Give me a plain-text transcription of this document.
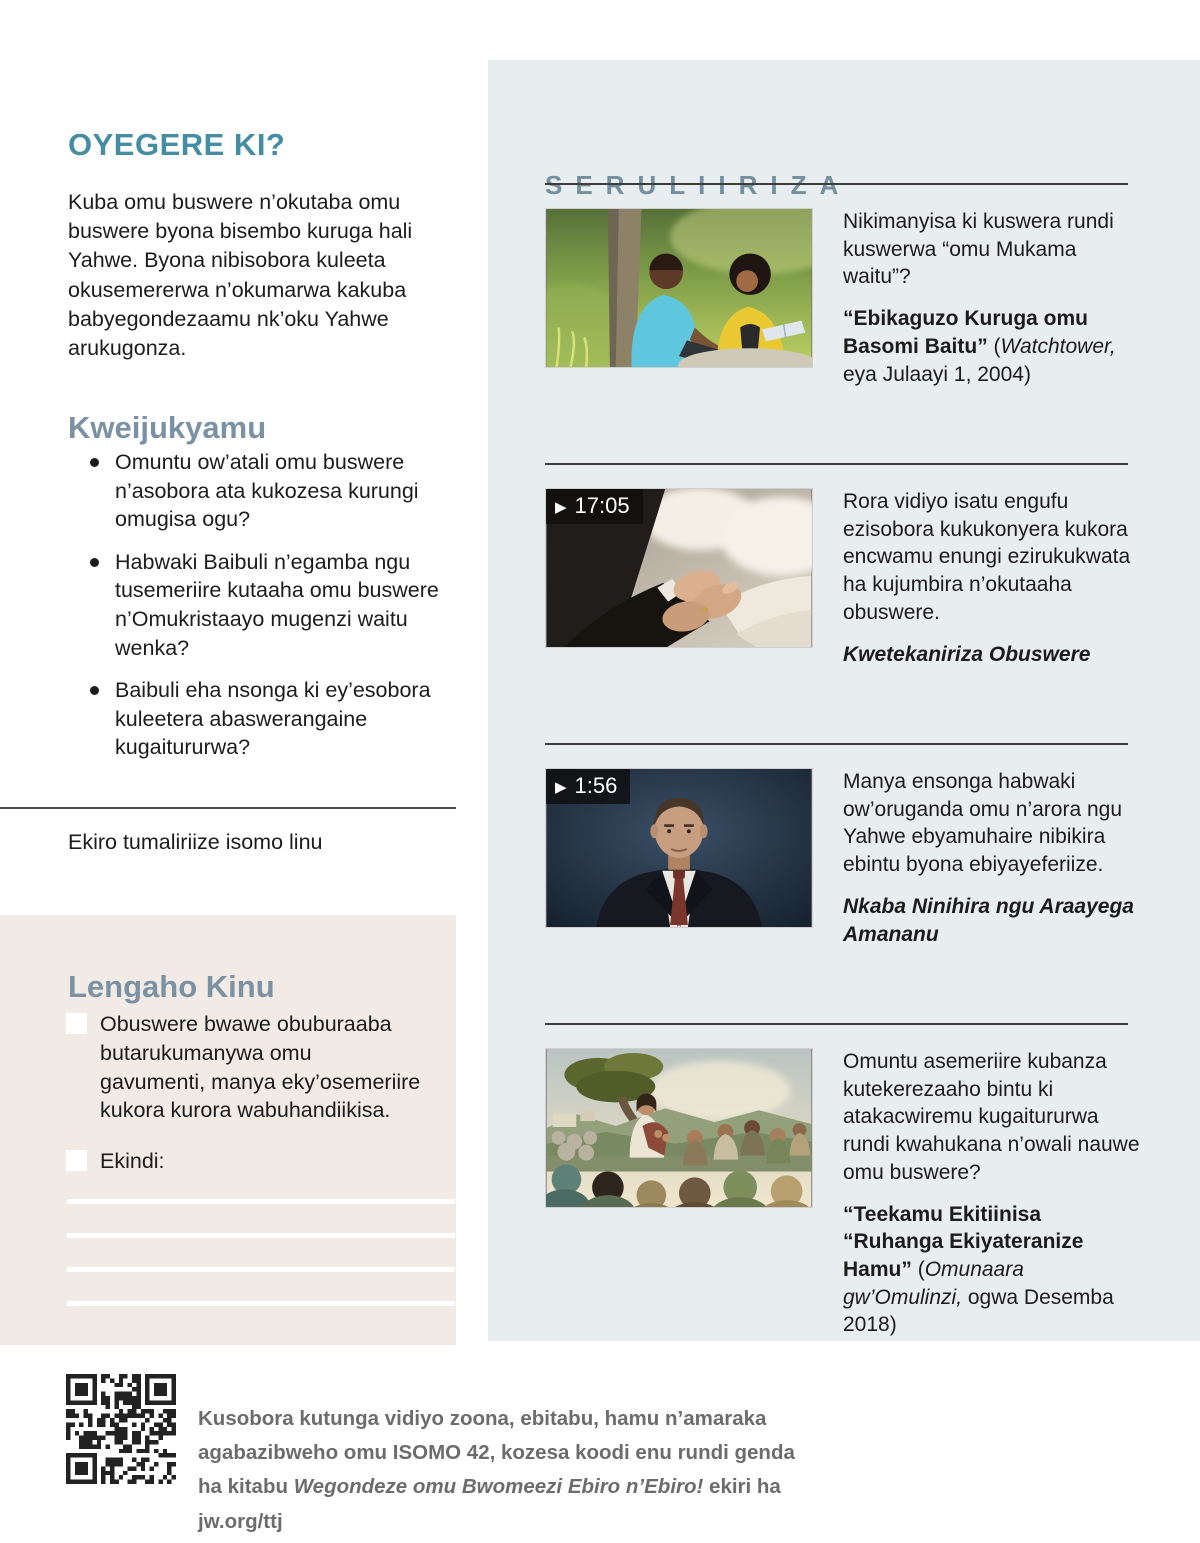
OYEGERE KI?

Kuba omu buswere n’okutaba omu buswere byona bisembo kuruga hali Yahwe. Byona nibisobora kuleeta okusemererwa n’okumarwa kakuba babyegondezaamu nk’oku Yahwe arukugonza.

Kweijukyamu
Omuntu ow’atali omu buswere n’asobora ata kukozesa kurungi omugisa ogu?
Habwaki Baibuli n’egamba ngu tusemeriire kutaaha omu buswere n’Omukristaayo mugenzi waitu wenka?
Baibuli eha nsonga ki ey’esobora kuleetera abaswerangaine kugaitururwa?

Ekiro tumaliriize isomo linu

Lengaho Kinu
Obuswere bwawe obuburaaba butarukumanywa omu gavumenti, manya eky’osemeriire kukora kurora wabuhandiikisa.
Ekindi:
SERULIIRIZA

Nikimanyisa ki kuswera rundi kuswerwa “omu Mukama waitu”?

“Ebikaguzo Kuruga omu Basomi Baitu” (Watchtower, eya Julaayi 1, 2004)

▶ 17:05	Rora vidiyo isatu engufu ezisobora kukukonyera kukora encwamu enungi ezirukukwata ha kujumbira n’okutaaha obuswere.

Kwetekaniriza Obuswere

▶ 1:56	Manya ensonga habwaki ow’oruganda omu n’arora ngu Yahwe ebyamuhaire nibikira ebintu byona ebiyayeferiize.

Nkaba Ninihira ngu Araayega Amananu

Omuntu asemeriire kubanza kutekerezaaho bintu ki atakacwiremu kugaitururwa rundi kwahukana n’owali nauwe omu buswere?

“Teekamu Ekitiinisa “Ruhanga Ekiyateranize Hamu” (Omunaara gw’Omulinzi, ogwa Desemba 2018)

Kusobora kutunga vidiyo zoona, ebitabu, hamu n’amaraka
agabazibweho omu ISOMO 42, kozesa koodi enu rundi genda
ha kitabu Wegondeze omu Bwomeezi Ebiro n’Ebiro! ekiri ha jw.org/ttj
